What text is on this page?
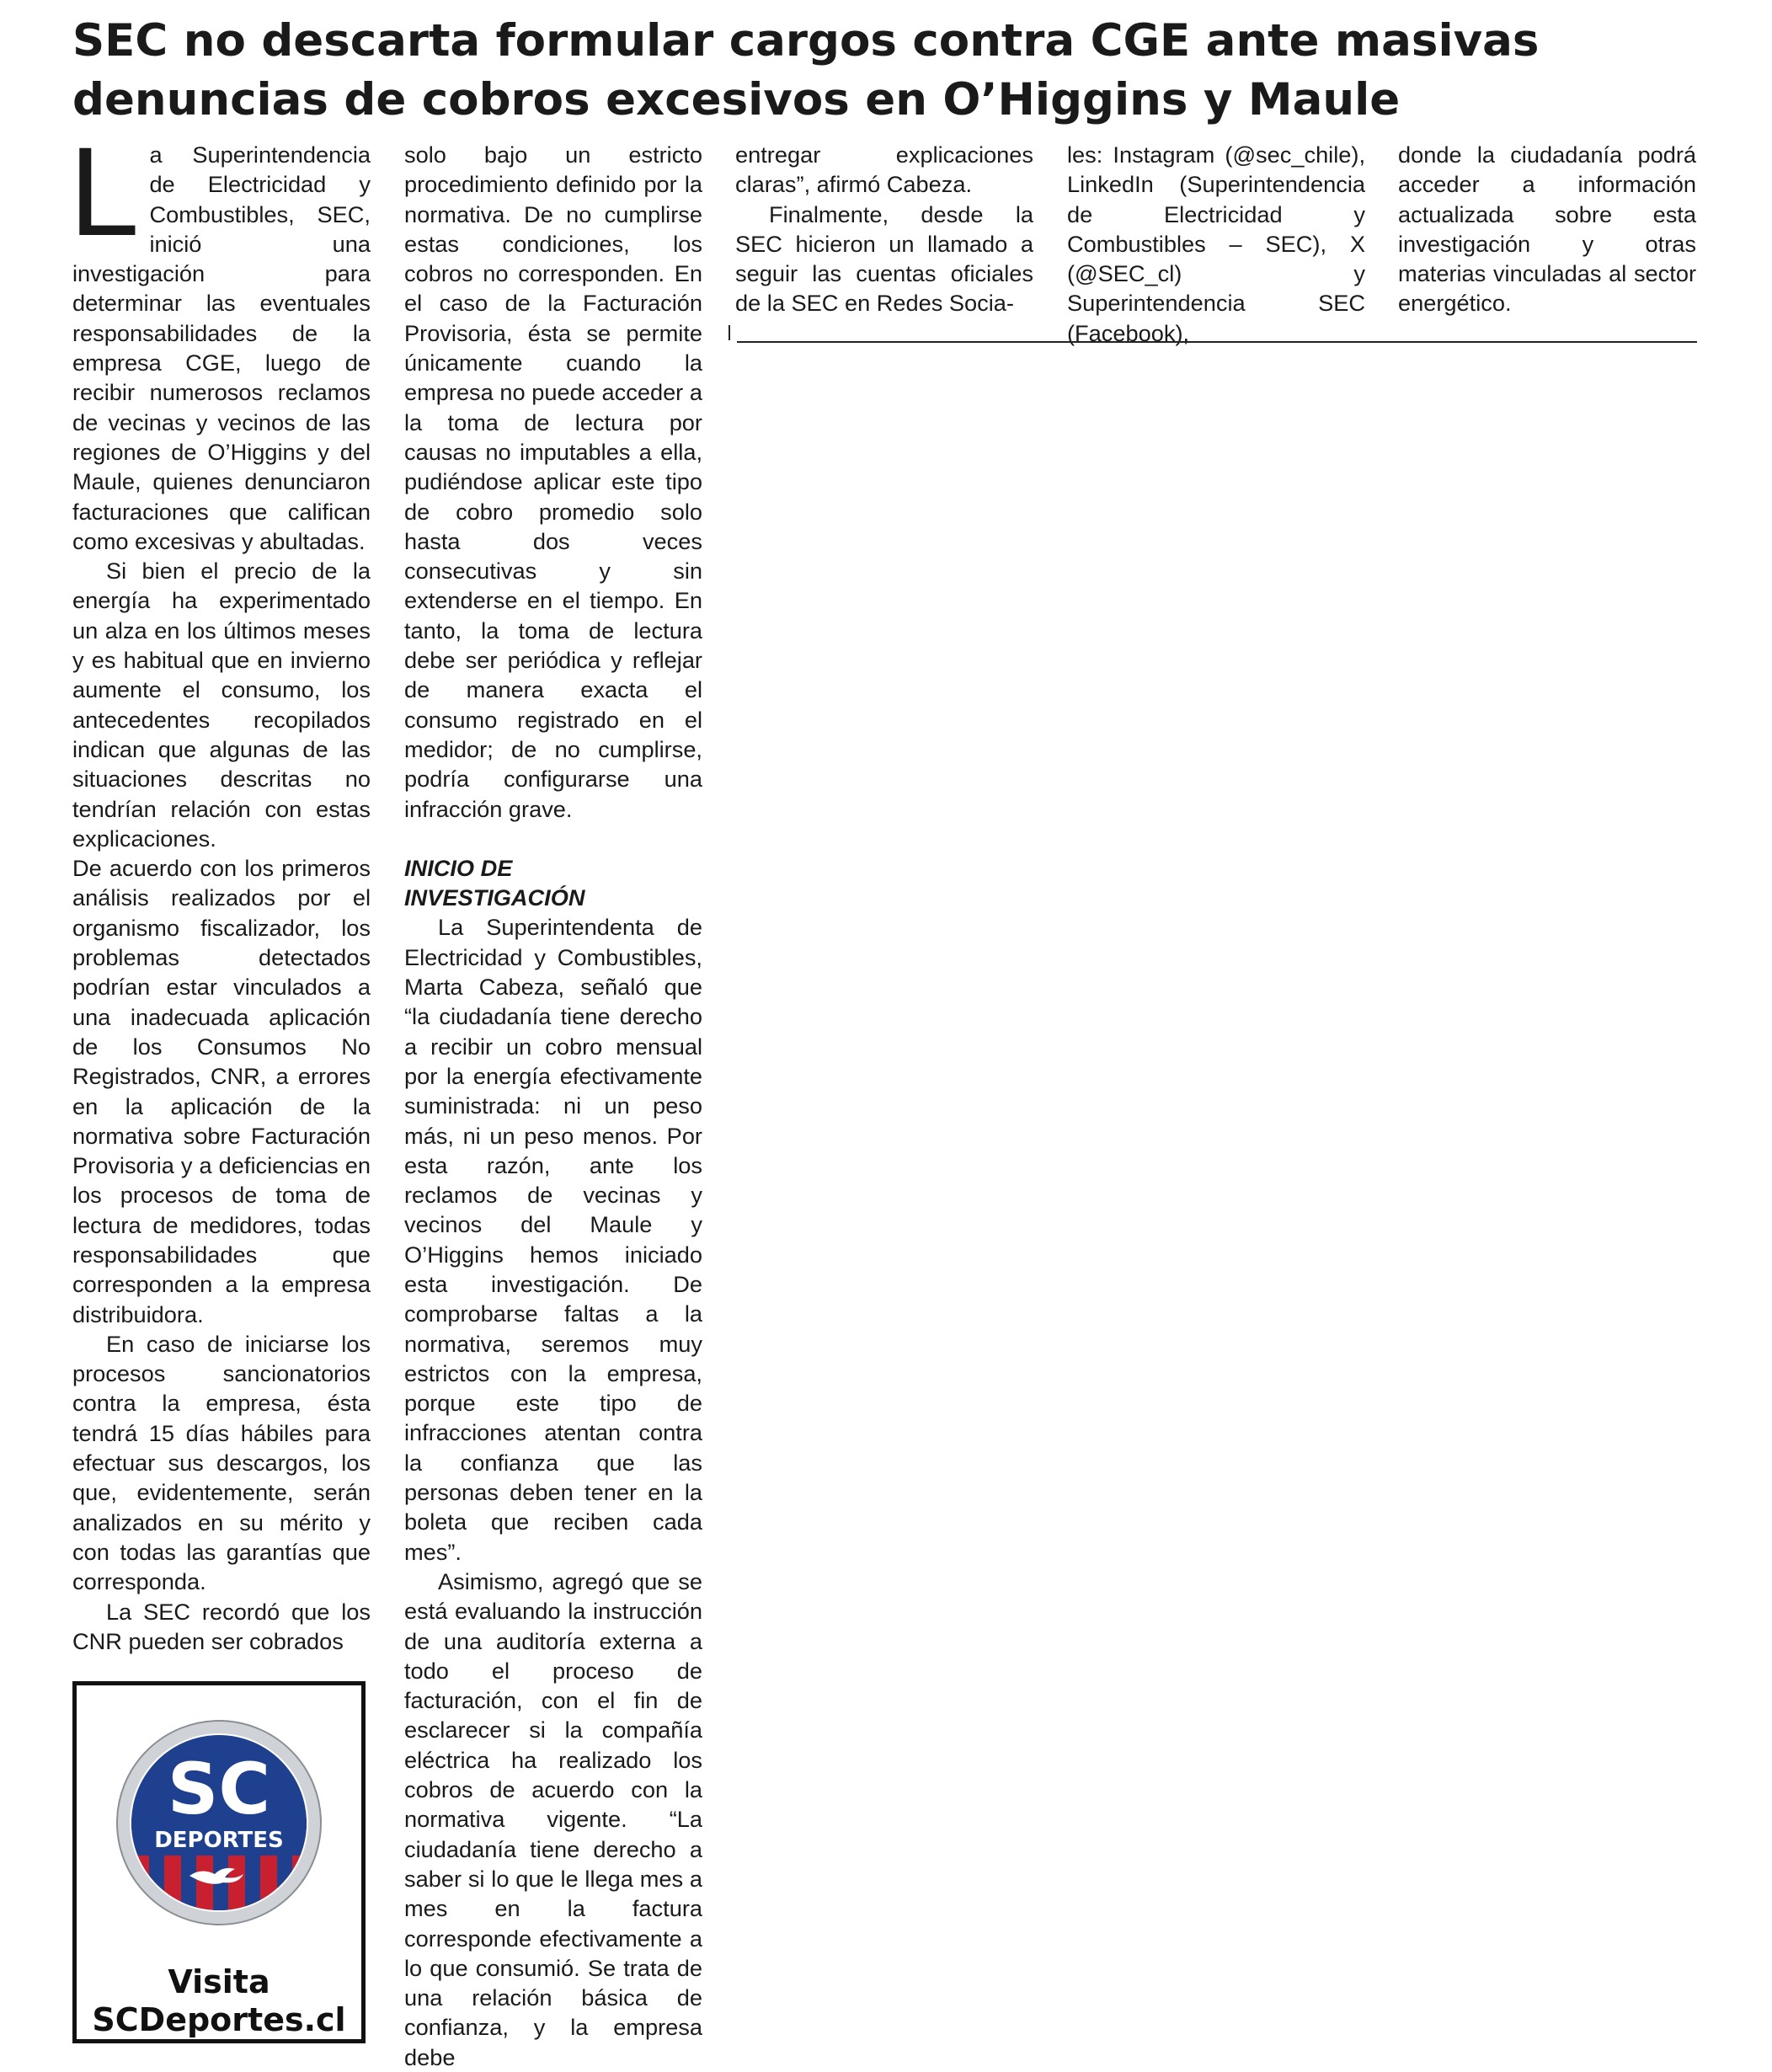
SEC no descarta formular cargos contra CGE ante masivas denuncias de cobros excesivos en O’Higgins y Maule
L a Superintendencia de Electricidad y Combustibles, SEC, inició una investigación para determinar las eventuales responsabilidades de la empresa CGE, luego de recibir numerosos reclamos de vecinas y vecinos de las regiones de O’Higgins y del Maule, quienes denunciaron facturaciones que califican como excesivas y abultadas.

Si bien el precio de la energía ha experimentado un alza en los últimos meses y es habitual que en invierno aumente el consumo, los antecedentes recopilados indican que algunas de las situaciones descritas no tendrían relación con estas explicaciones.

De acuerdo con los primeros análisis realizados por el organismo fiscalizador, los problemas detectados podrían estar vinculados a una inadecuada aplicación de los Consumos No Registrados, CNR, a errores en la aplicación de la normativa sobre Facturación Provisoria y a deficiencias en los procesos de toma de lectura de medidores, todas responsabilidades que corresponden a la empresa distribuidora.

En caso de iniciarse los procesos sancionatorios contra la empresa, ésta tendrá 15 días hábiles para efectuar sus descargos, los que, evidentemente, serán analizados en su mérito y con todas las garantías que corresponda.

La SEC recordó que los CNR pueden ser cobrados

SC
DEPORTES
Visita
SCDeportes.cl

solo bajo un estricto procedimiento definido por la normativa. De no cumplirse estas condiciones, los cobros no corresponden. En el caso de la Facturación Provisoria, ésta se permite únicamente cuando la empresa no puede acceder a la toma de lectura por causas no imputables a ella, pudiéndose aplicar este tipo de cobro promedio solo hasta dos veces consecutivas y sin extenderse en el tiempo. En tanto, la toma de lectura debe ser periódica y reflejar de manera exacta el consumo registrado en el medidor; de no cumplirse, podría configurarse una infracción grave.

INICIO DE

INVESTIGACIÓN

La Superintendenta de Electricidad y Combustibles, Marta Cabeza, señaló que “la ciudadanía tiene derecho a recibir un cobro mensual por la energía efectivamente suministrada: ni un peso más, ni un peso menos. Por esta razón, ante los reclamos de vecinas y vecinos del Maule y O’Higgins hemos iniciado esta investigación. De comprobarse faltas a la normativa, seremos muy estrictos con la empresa, porque este tipo de infracciones atentan contra la confianza que las personas deben tener en la boleta que reciben cada mes”.

Asimismo, agregó que se está evaluando la instrucción de una auditoría externa a todo el proceso de facturación, con el fin de esclarecer si la compañía eléctrica ha realizado los cobros de acuerdo con la normativa vigente. “La ciudadanía tiene derecho a saber si lo que le llega mes a mes en la factura corresponde efectivamente a lo que consumió. Se trata de una relación básica de confianza, y la empresa debe

entregar explicaciones claras”, afirmó Cabeza.

Finalmente, desde la SEC hicieron un llamado a seguir las cuentas oficiales de la SEC en Redes Socia-

les: Instagram (@sec_chile), LinkedIn (Superintendencia de Electricidad y Combustibles – SEC), X (@SEC_cl) y Superintendencia SEC (Facebook),

donde la ciudadanía podrá acceder a información actualizada sobre esta investigación y otras materias vinculadas al sector energético.
